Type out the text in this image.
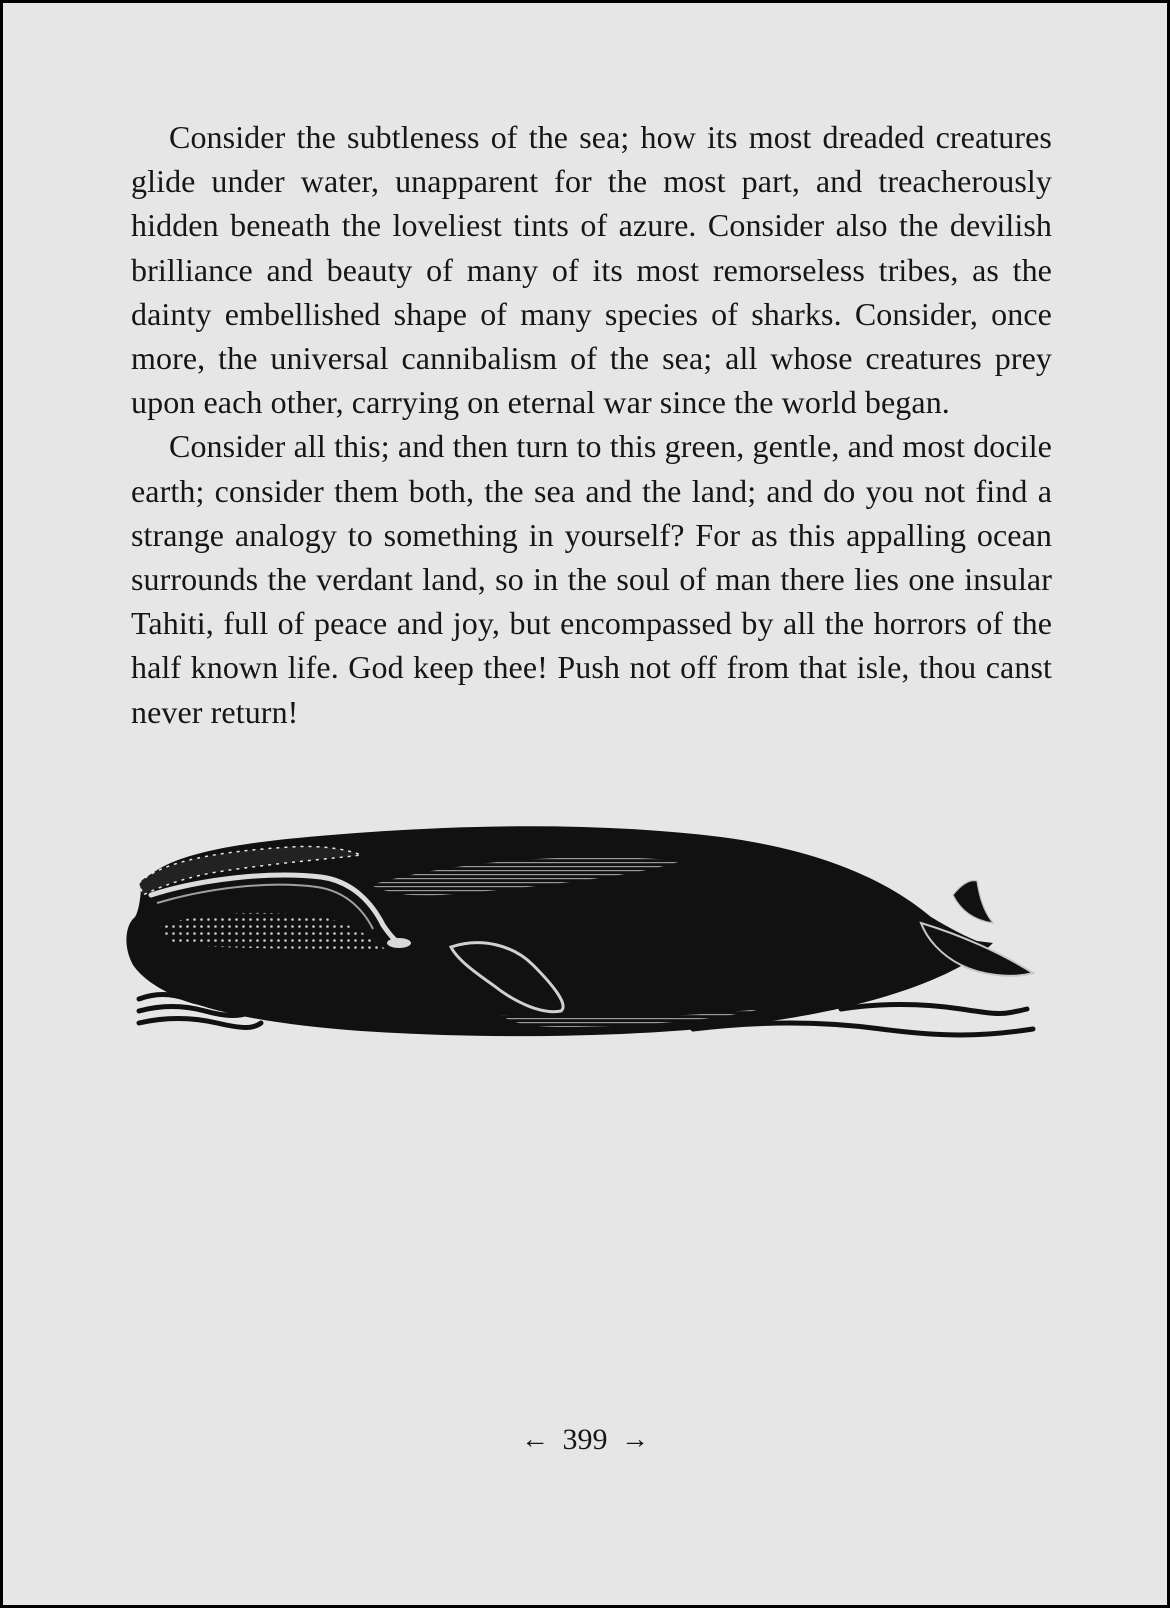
Consider the subtleness of the sea; how its most dreaded creatures glide under water, unapparent for the most part, and treacherously hidden beneath the loveliest tints of azure. Consider also the devilish brilliance and beauty of many of its most remorseless tribes, as the dainty embellished shape of many species of sharks. Consider, once more, the universal cannibalism of the sea; all whose creatures prey upon each other, carrying on eternal war since the world began.

Consider all this; and then turn to this green, gentle, and most docile earth; consider them both, the sea and the land; and do you not find a strange analogy to something in yourself? For as this appalling ocean surrounds the verdant land, so in the soul of man there lies one insular Tahiti, full of peace and joy, but encompassed by all the horrors of the half known life. God keep thee! Push not off from that isle, thou canst never return!

← 399 →
